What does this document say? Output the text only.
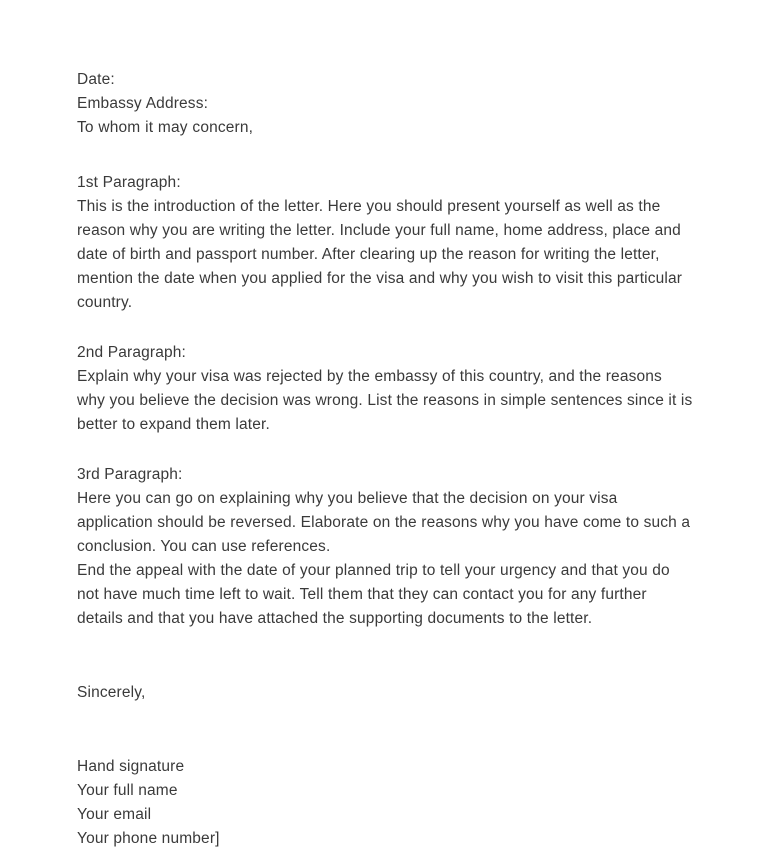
Date:
Embassy Address:
To whom it may concern,
1st Paragraph:
This is the introduction of the letter. Here you should present yourself as well as the reason why you are writing the letter. Include your full name, home address, place and date of birth and passport number. After clearing up the reason for writing the letter, mention the date when you applied for the visa and why you wish to visit this particular country.
2nd Paragraph:
Explain why your visa was rejected by the embassy of this country, and the reasons why you believe the decision was wrong. List the reasons in simple sentences since it is better to expand them later.
3rd Paragraph:
Here you can go on explaining why you believe that the decision on your visa application should be reversed. Elaborate on the reasons why you have come to such a conclusion. You can use references.
End the appeal with the date of your planned trip to tell your urgency and that you do not have much time left to wait. Tell them that they can contact you for any further details and that you have attached the supporting documents to the letter.
Sincerely,
Hand signature
Your full name
Your email
Your phone number]
